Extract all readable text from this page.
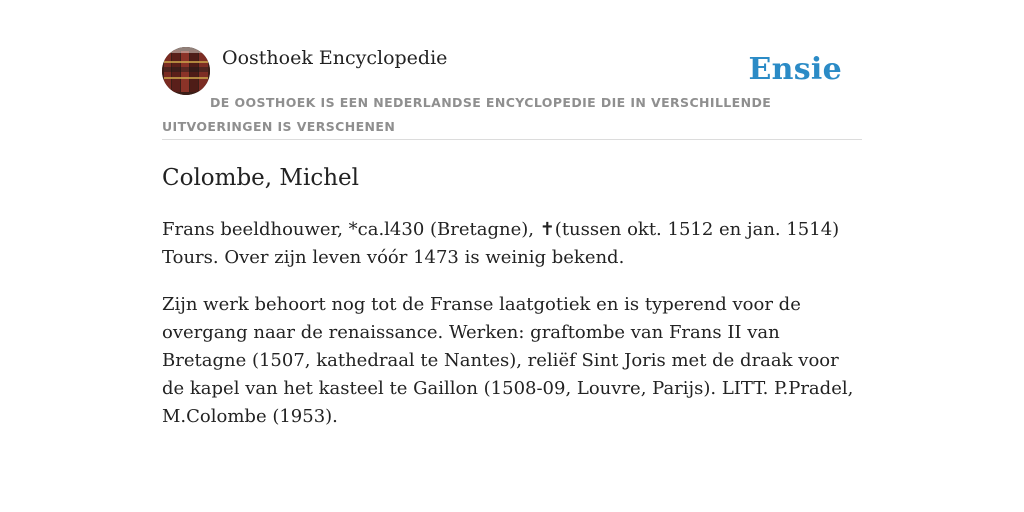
Oosthoek Encyclopedie	Ensie
DE OOSTHOEK IS EEN NEDERLANDSE ENCYCLOPEDIE DIE IN VERSCHILLENDE UITVOERINGEN IS VERSCHENEN
Colombe, Michel

Frans beeldhouwer, *ca.l430 (Bretagne), ✝(tussen okt. 1512 en jan. 1514) Tours. Over zijn leven vóór 1473 is weinig bekend.

Zijn werk behoort nog tot de Franse laatgotiek en is typerend voor de overgang naar de renaissance. Werken: graftombe van Frans II van Bretagne (1507, kathedraal te Nantes), reliëf Sint Joris met de draak voor de kapel van het kasteel te Gaillon (1508-09, Louvre, Parijs). LITT. P.Pradel, M.Colombe (1953).
